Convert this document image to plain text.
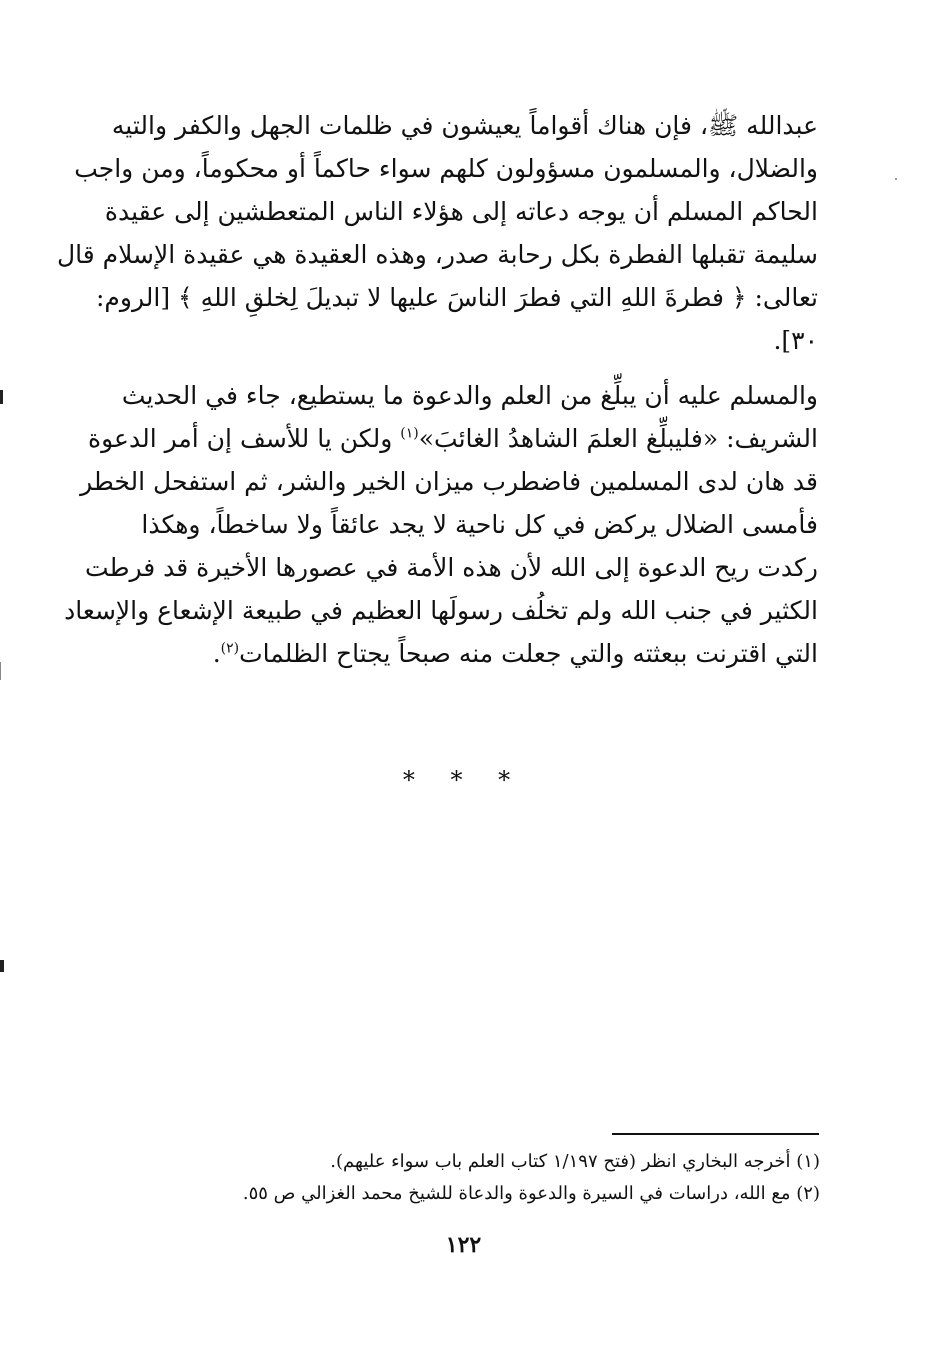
عبدالله ﷺ، فإن هناك أقواماً يعيشون في ظلمات الجهل والكفر والتيه
والضلال، والمسلمون مسؤولون كلهم سواء حاكماً أو محكوماً، ومن واجب
الحاكم المسلم أن يوجه دعاته إلى هؤلاء الناس المتعطشين إلى عقيدة
سليمة تقبلها الفطرة بكل رحابة صدر، وهذه العقيدة هي عقيدة الإسلام قال
تعالى: ﴿ فطرةَ اللهِ التي فطرَ الناسَ عليها لا تبديلَ لِخلقِ اللهِ ﴾ [الروم:
٣٠].
والمسلم عليه أن يبلِّغ من العلم والدعوة ما يستطيع، جاء في الحديث
الشريف: «فليبلِّغ العلمَ الشاهدُ الغائبَ»$^{(١)}$ ولكن يا للأسف إن أمر الدعوة
قد هان لدى المسلمين فاضطرب ميزان الخير والشر، ثم استفحل الخطر
فأمسى الضلال يركض في كل ناحية لا يجد عائقاً ولا ساخطاً، وهكذا
ركدت ريح الدعوة إلى الله لأن هذه الأمة في عصورها الأخيرة قد فرطت
الكثير في جنب الله ولم تخلُف رسولَها العظيم في طبيعة الإشعاع والإسعاد
التي اقترنت ببعثته والتي جعلت منه صبحاً يجتاح الظلمات$^{(٢)}$.
* * *
(١) أخرجه البخاري انظر (فتح ١/١٩٧ كتاب العلم باب سواء عليهم).
(٢) مع الله، دراسات في السيرة والدعوة والدعاة للشيخ محمد الغزالي ص ٥٥.
١٢٢
